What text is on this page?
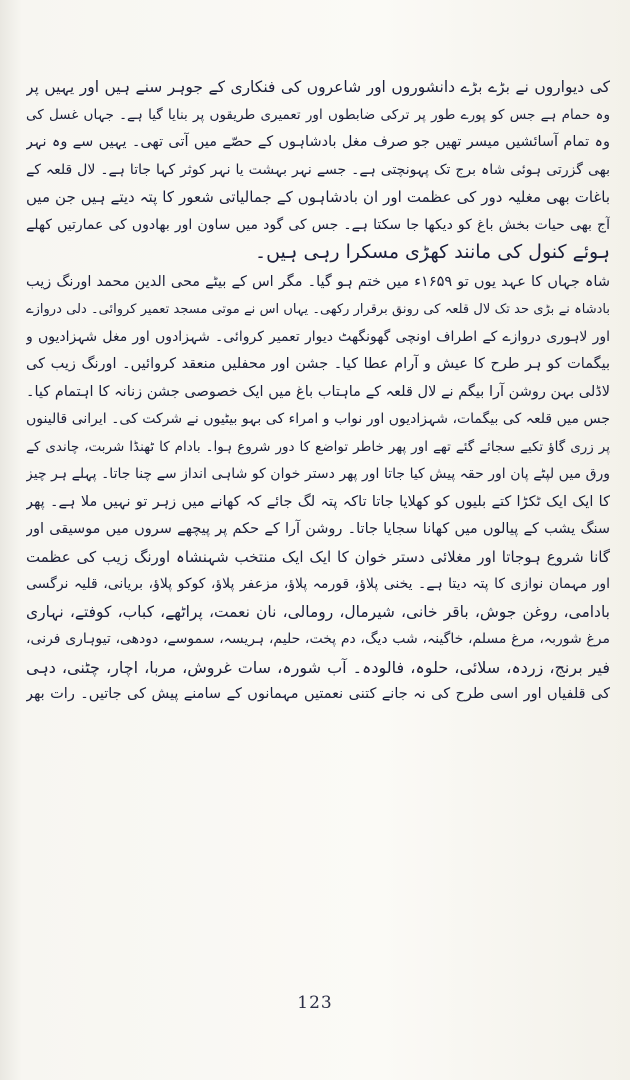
کی دیواروں نے بڑے بڑے دانشوروں اور شاعروں کی فنکاری کے جوہر سنے ہیں اور یہیں پر
وہ حمام ہے جس کو پورے طور پر ترکی ضابطوں اور تعمیری طریقوں پر بنایا گیا ہے۔ جہاں غسل کی
وہ تمام آسائشیں میسر تھیں جو صرف مغل بادشاہوں کے حصّے میں آتی تھی۔ یہیں سے وہ نہر
بھی گزرتی ہوئی شاہ برج تک پہونچتی ہے۔ جسے نہر بہشت یا نہر کوثر کہا جاتا ہے۔ لال قلعہ کے
باغات بھی مغلیہ دور کی عظمت اور ان بادشاہوں کے جمالیاتی شعور کا پتہ دیتے ہیں جن میں
آج بھی حیات بخش باغ کو دیکھا جا سکتا ہے۔ جس کی گود میں ساون اور بھادوں کی عمارتیں کھلے
ہوئے کنول کی مانند کھڑی مسکرا رہی ہیں۔
شاہ جہاں کا عہد یوں تو ۱۶۵۹ء میں ختم ہو گیا۔ مگر اس کے بیٹے محی الدین محمد اورنگ زیب
بادشاہ نے بڑی حد تک لال قلعہ کی رونق برقرار رکھی۔ یہاں اس نے موتی مسجد تعمیر کروائی۔ دلی دروازے
اور لاہوری دروازے کے اطراف اونچی گھونگھٹ دیوار تعمیر کروائی۔ شہزادوں اور مغل شہزادیوں و
بیگمات کو ہر طرح کا عیش و آرام عطا کیا۔ جشن اور محفلیں منعقد کروائیں۔ اورنگ زیب کی
لاڈلی بہن روشن آرا بیگم نے لال قلعہ کے ماہتاب باغ میں ایک خصوصی جشن زنانہ کا اہتمام کیا۔
جس میں قلعہ کی بیگمات، شہزادیوں اور نواب و امراء کی بہو بیٹیوں نے شرکت کی۔ ایرانی قالینوں
پر زری گاؤ تکیے سجائے گئے تھے اور پھر خاطر تواضع کا دور شروع ہوا۔ بادام کا ٹھنڈا شربت، چاندی کے
ورق میں لپٹے پان اور حقہ پیش کیا جاتا اور پھر دستر خوان کو شاہی انداز سے چنا جاتا۔ پہلے ہر چیز
کا ایک ایک ٹکڑا کتے بلیوں کو کھلایا جاتا تاکہ پتہ لگ جائے کہ کھانے میں زہر تو نہیں ملا ہے۔ پھر
سنگ یشب کے پیالوں میں کھانا سجایا جاتا۔ روشن آرا کے حکم پر پیچھے سروں میں موسیقی اور
گانا شروع ہوجاتا اور مغلائی دستر خوان کا ایک ایک منتخب شہنشاہ اورنگ زیب کی عظمت
اور مہمان نوازی کا پتہ دیتا ہے۔ یخنی پلاؤ، قورمہ پلاؤ، مزعفر پلاؤ، کوکو پلاؤ، بریانی، قلیہ نرگسی
بادامی، روغن جوش، باقر خانی، شیرمال، رومالی، نان نعمت، پراٹھے، کباب، کوفتے، نہاری
مرغ شوربہ، مرغ مسلم، خاگینہ، شب دیگ، دم پخت، حلیم، ہریسہ، سموسے، دودھی، تیوہاری فرنی،
فیر برنج، زردہ، سلائی، حلوہ، فالودہ۔ آب شورہ، سات غروش، مربا، اچار، چٹنی، دہی
کی قلفیاں اور اسی طرح کی نہ جانے کتنی نعمتیں مہمانوں کے سامنے پیش کی جاتیں۔ رات بھر
123
